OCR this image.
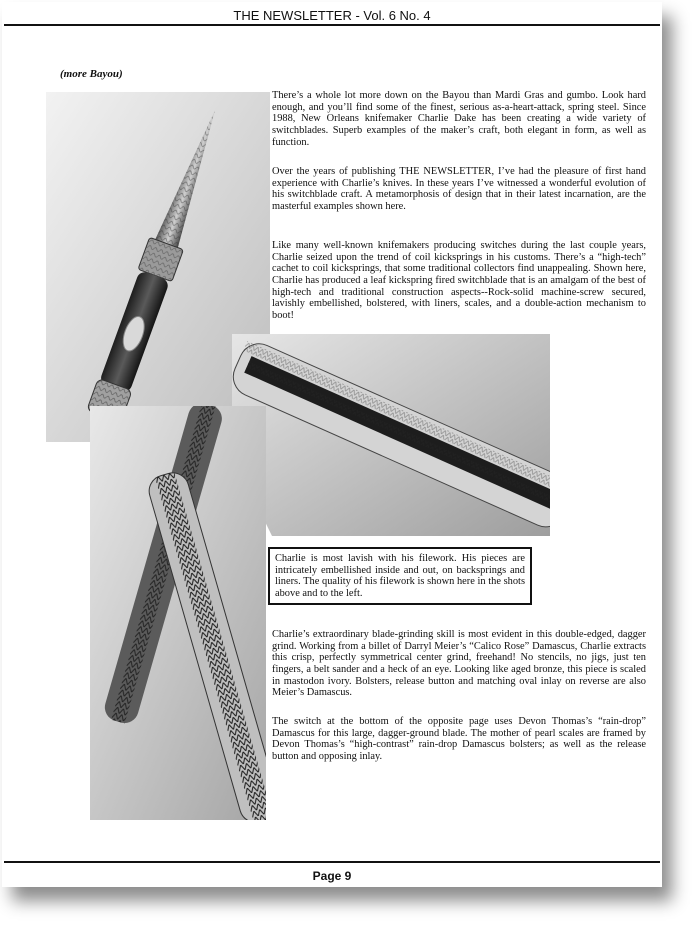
THE NEWSLETTER - Vol. 6 No. 4
(more Bayou)

There’s a whole lot more down on the Bayou than Mardi Gras and gumbo. Look hard enough, and you’ll find some of the finest, serious as-a-heart-attack, spring steel. Since 1988, New Orleans knifemaker Charlie Dake has been creating a wide variety of switchblades. Superb examples of the maker’s craft, both elegant in form, as well as function.

Over the years of publishing THE NEWSLETTER, I’ve had the pleasure of first hand experience with Charlie’s knives. In these years I’ve witnessed a wonderful evolution of his switchblade craft. A metamorphosis of design that in their latest incarnation, are the masterful examples shown here.

Like many well-known knifemakers producing switches during the last couple years, Charlie seized upon the trend of coil kicksprings in his customs. There’s a “high-tech” cachet to coil kicksprings, that some traditional collectors find unappealing. Shown here, Charlie has produced a leaf kickspring fired switchblade that is an amalgam of the best of high-tech and traditional construction aspects--Rock-solid machine-screw secured, lavishly embellished, bolstered, with liners, scales, and a double-action mechanism to boot!

Charlie is most lavish with his filework. His pieces are intricately embellished inside and out, on backsprings and liners. The quality of his filework is shown here in the shots above and to the left.

Charlie’s extraordinary blade-grinding skill is most evident in this double-edged, dagger grind. Working from a billet of Darryl Meier’s “Calico Rose” Damascus, Charlie extracts this crisp, perfectly symmetrical center grind, freehand! No stencils, no jigs, just ten fingers, a belt sander and a heck of an eye. Looking like aged bronze, this piece is scaled in mastodon ivory. Bolsters, release button and matching oval inlay on reverse are also Meier’s Damascus.

The switch at the bottom of the opposite page uses Devon Thomas’s “rain-drop” Damascus for this large, dagger-ground blade. The mother of pearl scales are framed by Devon Thomas’s “high-contrast” rain-drop Damascus bolsters; as well as the release button and opposing inlay.

Page 9
